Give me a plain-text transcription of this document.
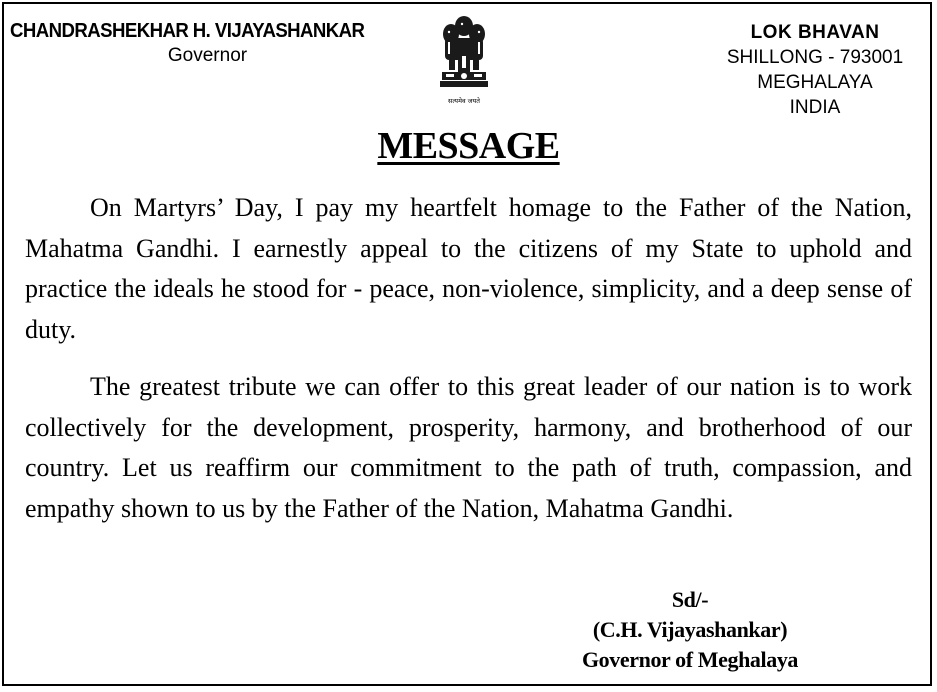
CHANDRASHEKHAR H. VIJAYASHANKAR
Governor
सत्यमेव जयते
LOK BHAVAN
SHILLONG - 793001
MEGHALAYA
INDIA
MESSAGE

On Martyrs’ Day, I pay my heartfelt homage to the Father of the Nation, Mahatma Gandhi. I earnestly appeal to the citizens of my State to uphold and practice the ideals he stood for - peace, non-violence, simplicity, and a deep sense of duty.

The greatest tribute we can offer to this great leader of our nation is to work collectively for the development, prosperity, harmony, and brotherhood of our country. Let us reaffirm our commitment to the path of truth, compassion, and empathy shown to us by the Father of the Nation, Mahatma Gandhi.

Sd/-
(C.H. Vijayashankar)
Governor of Meghalaya
